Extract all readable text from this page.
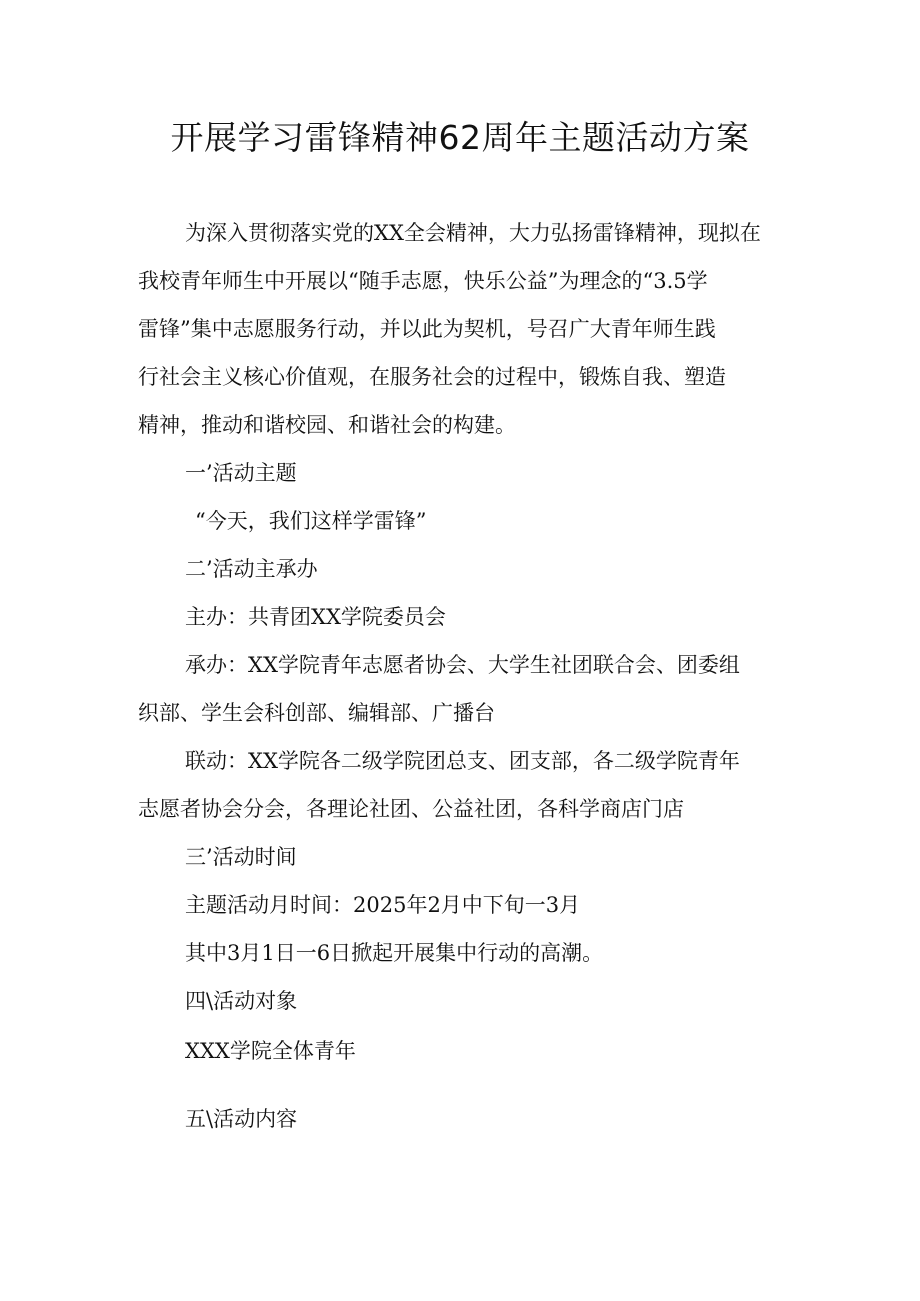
开展学习雷锋精神62周年主题活动方案
为深入贯彻落实党的XX全会精神，大力弘扬雷锋精神，现拟在
我校青年师生中开展以“随手志愿，快乐公益”为理念的“3.5学
雷锋”集中志愿服务行动，并以此为契机，号召广大青年师生践
行社会主义核心价值观，在服务社会的过程中，锻炼自我、塑造
精神，推动和谐校园、和谐社会的构建。
一’活动主题
“今天，我们这样学雷锋”
二’活动主承办
主办：共青团XX学院委员会
承办：XX学院青年志愿者协会、大学生社团联合会、团委组
织部、学生会科创部、编辑部、广播台
联动：XX学院各二级学院团总支、团支部，各二级学院青年
志愿者协会分会，各理论社团、公益社团，各科学商店门店
三’活动时间
主题活动月时间：2025年2月中下旬一3月
其中3月1日一6日掀起开展集中行动的高潮。
四\活动对象
XXX学院全体青年
五\活动内容
